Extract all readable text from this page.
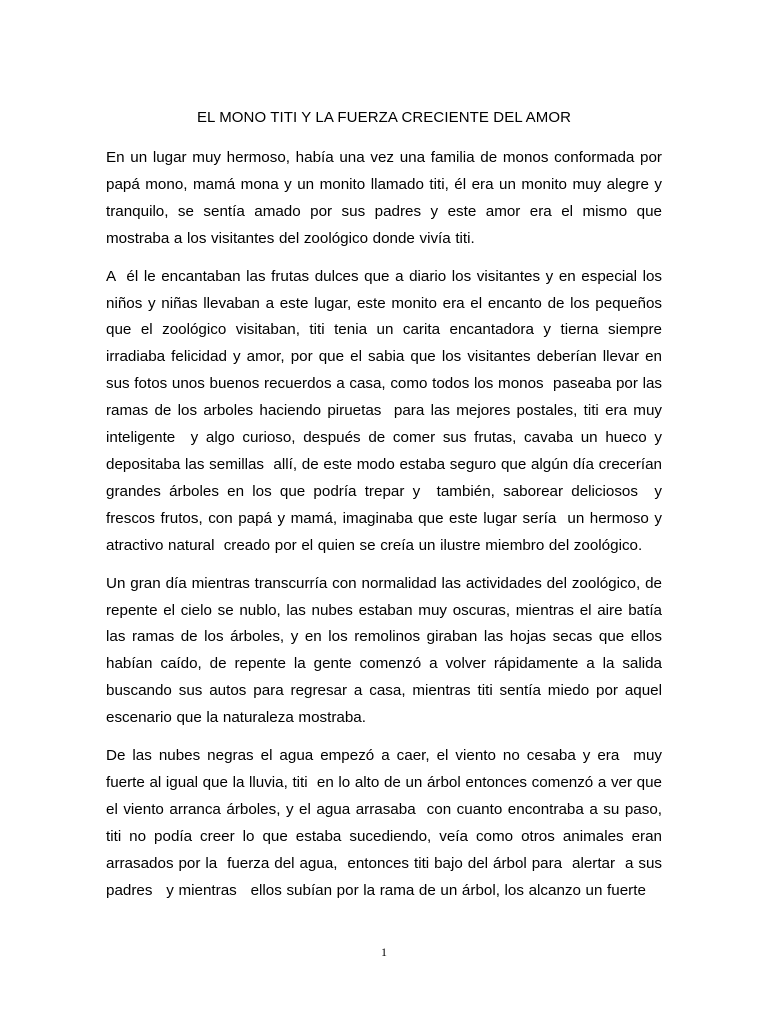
EL MONO TITI Y LA FUERZA CRECIENTE DEL AMOR

En un lugar muy hermoso, había una vez una familia de monos conformada por papá mono, mamá mona y un monito llamado titi, él era un monito muy alegre y tranquilo, se sentía amado por sus padres y este amor era el mismo que mostraba a los visitantes del zoológico donde vivía titi.

A  él le encantaban las frutas dulces que a diario los visitantes y en especial los niños y niñas llevaban a este lugar, este monito era el encanto de los pequeños que el zoológico visitaban, titi tenia un carita encantadora y tierna siempre irradiaba felicidad y amor, por que el sabia que los visitantes deberían llevar en sus fotos unos buenos recuerdos a casa, como todos los monos  paseaba por las ramas de los arboles haciendo piruetas  para las mejores postales, titi era muy inteligente  y algo curioso, después de comer sus frutas, cavaba un hueco y depositaba las semillas  allí, de este modo estaba seguro que algún día crecerían grandes árboles en los que podría trepar y  también, saborear deliciosos  y frescos frutos, con papá y mamá, imaginaba que este lugar sería  un hermoso y atractivo natural  creado por el quien se creía un ilustre miembro del zoológico.

Un gran día mientras transcurría con normalidad las actividades del zoológico, de repente el cielo se nublo, las nubes estaban muy oscuras, mientras el aire batía las ramas de los árboles, y en los remolinos giraban las hojas secas que ellos habían caído, de repente la gente comenzó a volver rápidamente a la salida buscando sus autos para regresar a casa, mientras titi sentía miedo por aquel escenario que la naturaleza mostraba.

De las nubes negras el agua empezó a caer, el viento no cesaba y era  muy fuerte al igual que la lluvia, titi  en lo alto de un árbol entonces comenzó a ver que el viento arranca árboles, y el agua arrasaba  con cuanto encontraba a su paso, titi no podía creer lo que estaba sucediendo, veía como otros animales eran arrasados por la  fuerza del agua,  entonces titi bajo del árbol para  alertar  a sus padres   y mientras   ellos subían por la rama de un árbol, los alcanzo un fuerte

1
